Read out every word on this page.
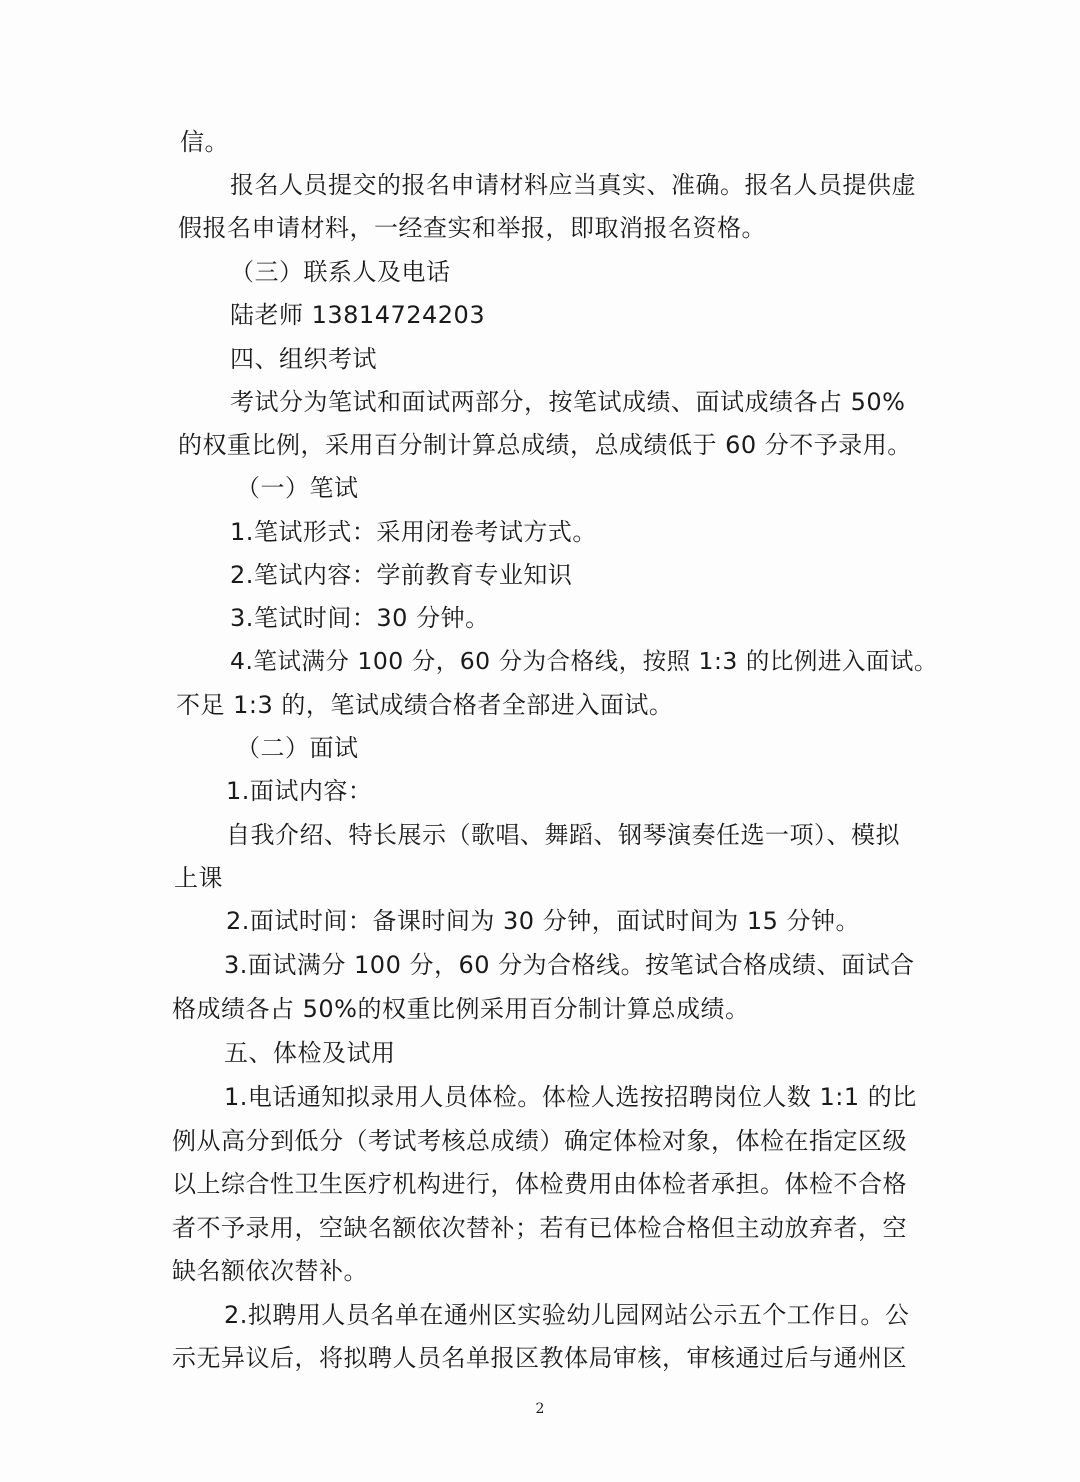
信。
报名人员提交的报名申请材料应当真实、准确。报名人员提供虚
假报名申请材料，一经查实和举报，即取消报名资格。
（三）联系人及电话
陆老师 13814724203
四、组织考试
考试分为笔试和面试两部分，按笔试成绩、面试成绩各占 50%
的权重比例，采用百分制计算总成绩，总成绩低于 60 分不予录用。
（一）笔试
1.笔试形式：采用闭卷考试方式。
2.笔试内容：学前教育专业知识
3.笔试时间：30 分钟。
4.笔试满分 100 分，60 分为合格线，按照 1:3 的比例进入面试。
不足 1:3 的，笔试成绩合格者全部进入面试。
（二）面试
1.面试内容：
自我介绍、特长展示（歌唱、舞蹈、钢琴演奏任选一项）、模拟
上课
2.面试时间：备课时间为 30 分钟，面试时间为 15 分钟。
3.面试满分 100 分，60 分为合格线。按笔试合格成绩、面试合
格成绩各占 50%的权重比例采用百分制计算总成绩。
五、体检及试用
1.电话通知拟录用人员体检。体检人选按招聘岗位人数 1:1 的比
例从高分到低分（考试考核总成绩）确定体检对象，体检在指定区级
以上综合性卫生医疗机构进行，体检费用由体检者承担。体检不合格
者不予录用，空缺名额依次替补；若有已体检合格但主动放弃者，空
缺名额依次替补。
2.拟聘用人员名单在通州区实验幼儿园网站公示五个工作日。公
示无异议后，将拟聘人员名单报区教体局审核，审核通过后与通州区
2
